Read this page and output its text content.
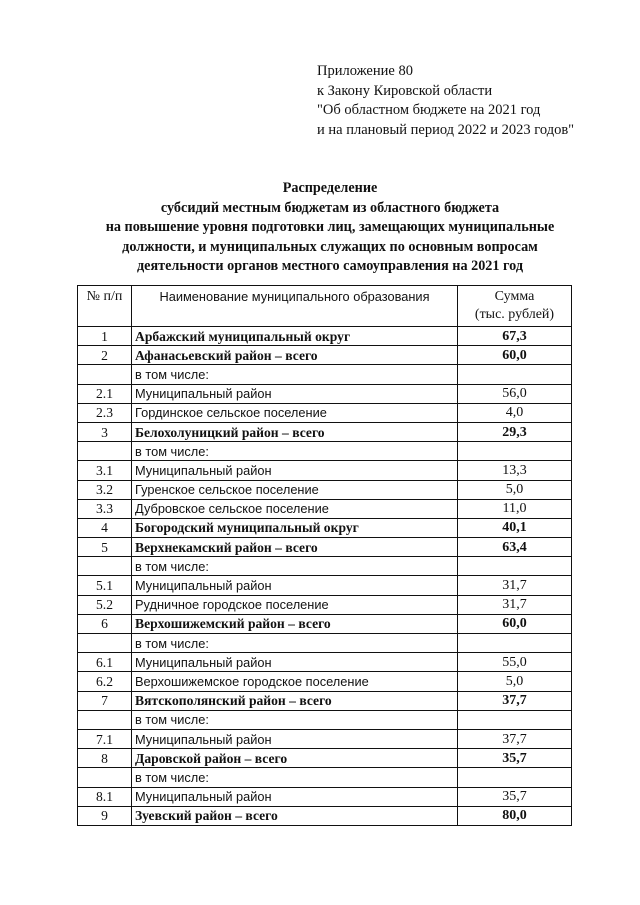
Приложение 80
к Закону Кировской области
"Об областном бюджете на 2021 год
и на плановый период 2022 и 2023 годов"
Распределение
субсидий местным бюджетам из областного бюджета
на повышение уровня подготовки лиц, замещающих муниципальные
должности, и муниципальных служащих по основным вопросам
деятельности органов местного самоуправления на 2021 год
№ п/п	Наименование муниципального образования	Сумма
(тыс. рублей)

1	Арбажский муниципальный округ	67,3
2	Афанасьевский район – всего	60,0
	в том числе:	
2.1	Муниципальный район	56,0
2.3	Гординское сельское поселение	4,0
3	Белохолуницкий район – всего	29,3
	в том числе:	
3.1	Муниципальный район	13,3
3.2	Гуренское сельское поселение	5,0
3.3	Дубровское сельское поселение	11,0
4	Богородский муниципальный округ	40,1
5	Верхнекамский район – всего	63,4
	в том числе:	
5.1	Муниципальный район	31,7
5.2	Рудничное городское поселение	31,7
6	Верхошижемский район – всего	60,0
	в том числе:	
6.1	Муниципальный район	55,0
6.2	Верхошижемское городское поселение	5,0
7	Вятскополянский район – всего	37,7
	в том числе:	
7.1	Муниципальный район	37,7
8	Даровской район – всего	35,7
	в том числе:	
8.1	Муниципальный район	35,7
9	Зуевский район – всего	80,0
